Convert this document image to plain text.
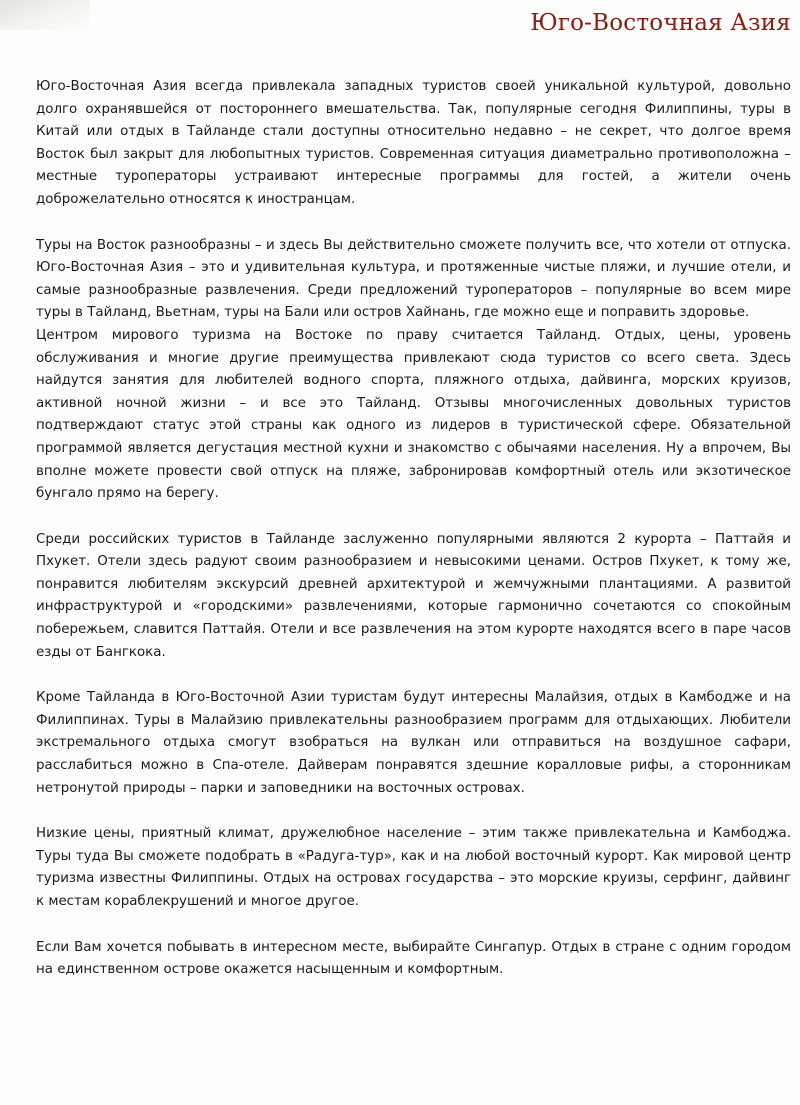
Юго-Восточная Азия

Юго-Восточная Азия всегда привлекала западных туристов своей уникальной культурой, довольно долго охранявшейся от постороннего вмешательства. Так, популярные сегодня Филиппины, туры в Китай или отдых в Тайланде стали доступны относительно недавно – не секрет, что долгое время Восток был закрыт для любопытных туристов. Современная ситуация диаметрально противоположна – местные туроператоры устраивают интересные программы для гостей, а жители очень доброжелательно относятся к иностранцам.

Туры на Восток разнообразны – и здесь Вы действительно сможете получить все, что хотели от отпуска. Юго-Восточная Азия – это и удивительная культура, и протяженные чистые пляжи, и лучшие отели, и самые разнообразные развлечения. Среди предложений туроператоров – популярные во всем мире туры в Тайланд, Вьетнам, туры на Бали или остров Хайнань, где можно еще и поправить здоровье.

Центром мирового туризма на Востоке по праву считается Тайланд. Отдых, цены, уровень обслуживания и многие другие преимущества привлекают сюда туристов со всего света. Здесь найдутся занятия для любителей водного спорта, пляжного отдыха, дайвинга, морских круизов, активной ночной жизни – и все это Тайланд. Отзывы многочисленных довольных туристов подтверждают статус этой страны как одного из лидеров в туристической сфере. Обязательной программой является дегустация местной кухни и знакомство с обычаями населения. Ну а впрочем, Вы вполне можете провести свой отпуск на пляже, забронировав комфортный отель или экзотическое бунгало прямо на берегу.

Среди российских туристов в Тайланде заслуженно популярными являются 2 курорта – Паттайя и Пхукет. Отели здесь радуют своим разнообразием и невысокими ценами. Остров Пхукет, к тому же, понравится любителям экскурсий древней архитектурой и жемчужными плантациями. А развитой инфраструктурой и «городскими» развлечениями, которые гармонично сочетаются со спокойным побережьем, славится Паттайя. Отели и все развлечения на этом курорте находятся всего в паре часов езды от Бангкока.

Кроме Тайланда в Юго-Восточной Азии туристам будут интересны Малайзия, отдых в Камбодже и на Филиппинах. Туры в Малайзию привлекательны разнообразием программ для отдыхающих. Любители экстремального отдыха смогут взобраться на вулкан или отправиться на воздушное сафари, расслабиться можно в Спа-отеле. Дайверам понравятся здешние коралловые рифы, а сторонникам нетронутой природы – парки и заповедники на восточных островах.

Низкие цены, приятный климат, дружелюбное население – этим также привлекательна и Камбоджа. Туры туда Вы сможете подобрать в «Радуга-тур», как и на любой восточный курорт. Как мировой центр туризма известны Филиппины. Отдых на островах государства – это морские круизы, серфинг, дайвинг к местам кораблекрушений и многое другое.

Если Вам хочется побывать в интересном месте, выбирайте Сингапур. Отдых в стране с одним городом на единственном острове окажется насыщенным и комфортным.
